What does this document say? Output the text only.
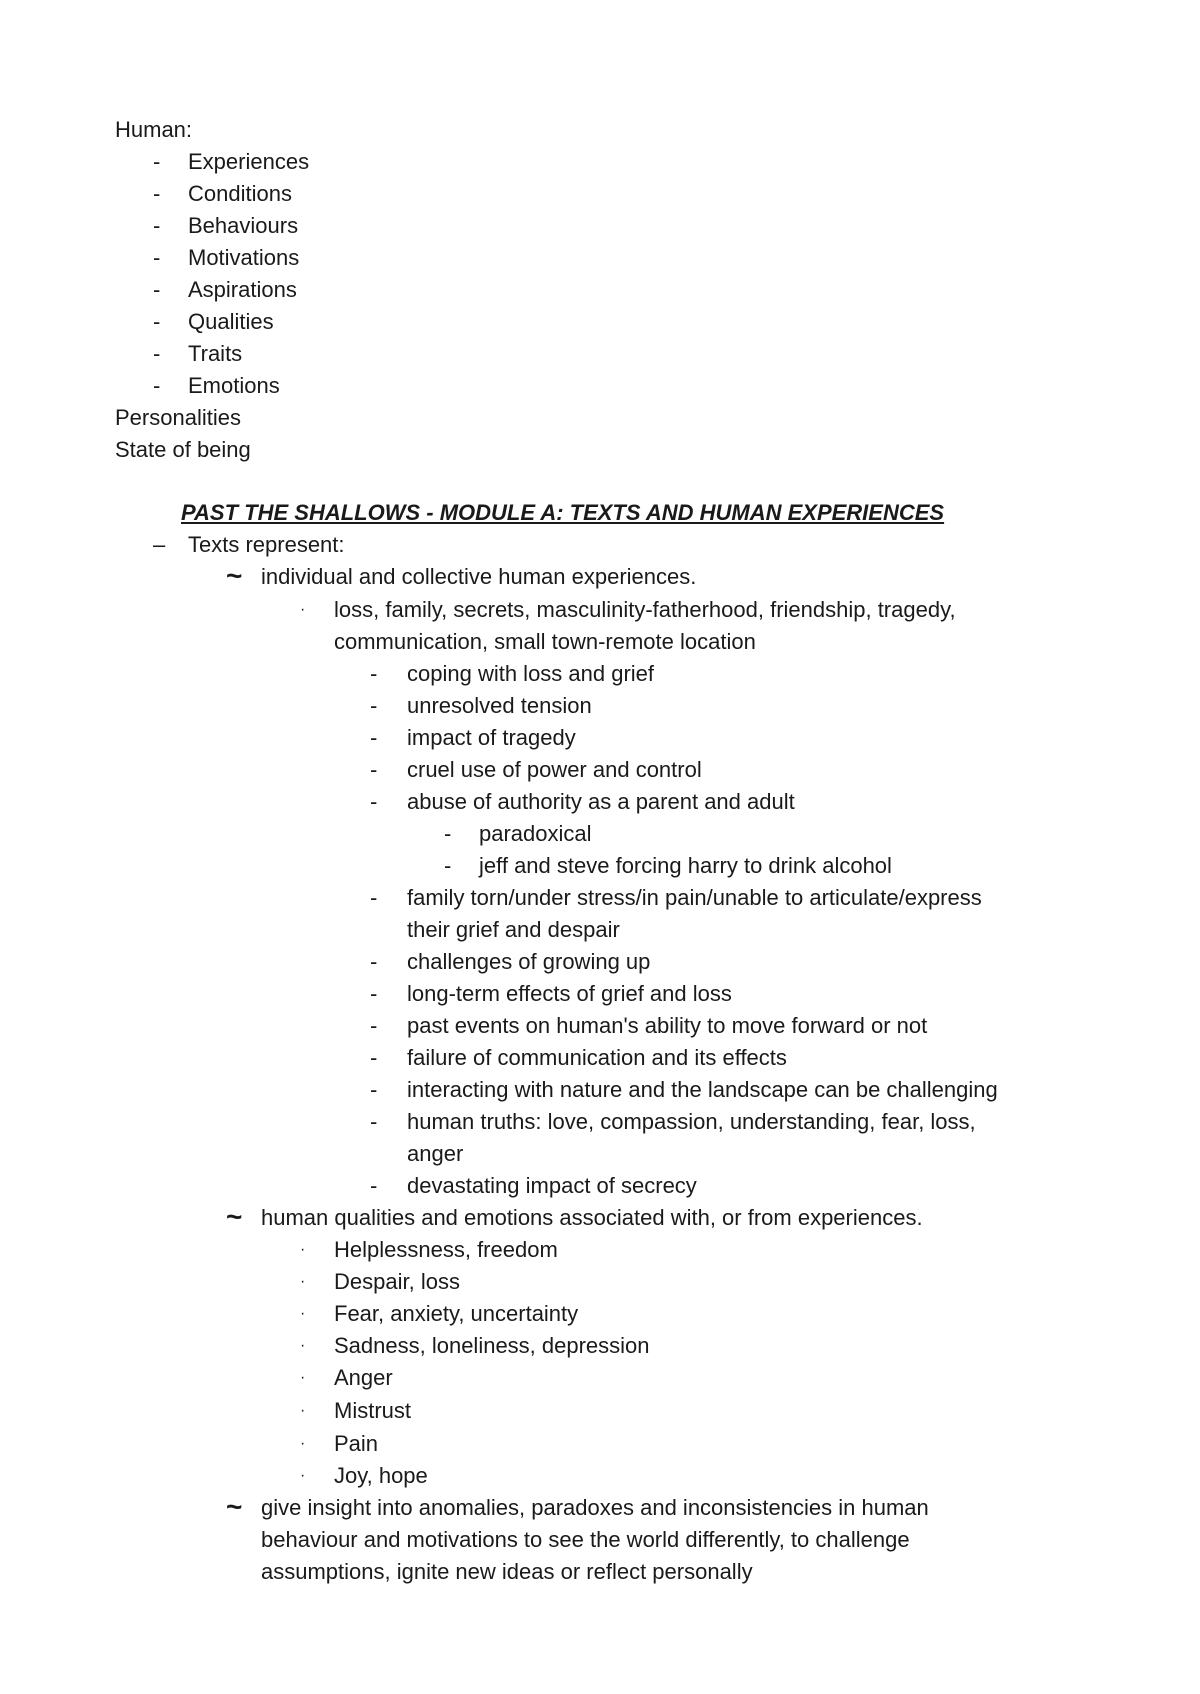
Human:
- Experiences
- Conditions
- Behaviours
- Motivations
- Aspirations
- Qualities
- Traits
- Emotions
Personalities
State of being
PAST THE SHALLOWS - MODULE A: TEXTS AND HUMAN EXPERIENCES
– Texts represent:
~ individual and collective human experiences.
· loss, family, secrets, masculinity-fatherhood, friendship, tragedy,
communication, small town-remote location
- coping with loss and grief
- unresolved tension
- impact of tragedy
- cruel use of power and control
- abuse of authority as a parent and adult
- paradoxical
- jeff and steve forcing harry to drink alcohol
- family torn/under stress/in pain/unable to articulate/express
their grief and despair
- challenges of growing up
- long-term effects of grief and loss
- past events on human's ability to move forward or not
- failure of communication and its effects
- interacting with nature and the landscape can be challenging
- human truths: love, compassion, understanding, fear, loss,
anger
- devastating impact of secrecy
~ human qualities and emotions associated with, or from experiences.
· Helplessness, freedom
· Despair, loss
· Fear, anxiety, uncertainty
· Sadness, loneliness, depression
· Anger
· Mistrust
· Pain
· Joy, hope
~ give insight into anomalies, paradoxes and inconsistencies in human
behaviour and motivations to see the world differently, to challenge
assumptions, ignite new ideas or reflect personally
